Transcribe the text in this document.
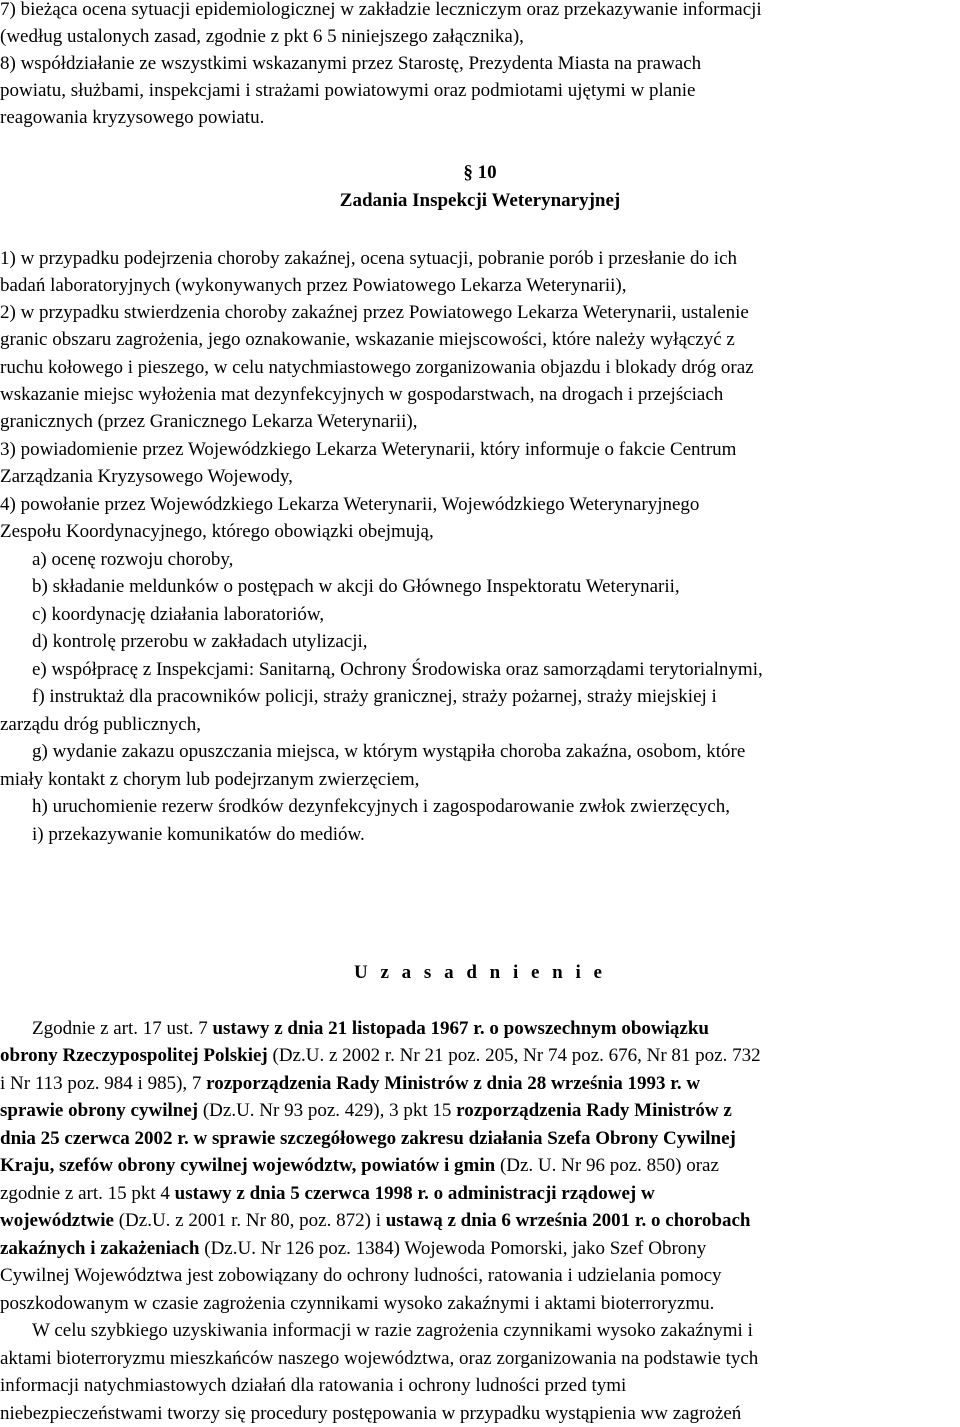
7) bieżąca ocena sytuacji epidemiologicznej w zakładzie leczniczym oraz przekazywanie informacji
(według ustalonych zasad, zgodnie z pkt 6 5 niniejszego załącznika),
8) współdziałanie ze wszystkimi wskazanymi przez Starostę, Prezydenta Miasta na prawach
powiatu, służbami, inspekcjami i strażami powiatowymi oraz podmiotami ujętymi w planie
reagowania kryzysowego powiatu.
§ 10
Zadania Inspekcji Weterynaryjnej
1) w przypadku podejrzenia choroby zakaźnej, ocena sytuacji, pobranie porób i przesłanie do ich
badań laboratoryjnych (wykonywanych przez Powiatowego Lekarza Weterynarii),
2) w przypadku stwierdzenia choroby zakaźnej przez Powiatowego Lekarza Weterynarii, ustalenie
granic obszaru zagrożenia, jego oznakowanie, wskazanie miejscowości, które należy wyłączyć z
ruchu kołowego i pieszego, w celu natychmiastowego zorganizowania objazdu i blokady dróg oraz
wskazanie miejsc wyłożenia mat dezynfekcyjnych w gospodarstwach, na drogach i przejściach
granicznych (przez Granicznego Lekarza Weterynarii),
3) powiadomienie przez Wojewódzkiego Lekarza Weterynarii, który informuje o fakcie Centrum
Zarządzania Kryzysowego Wojewody,
4) powołanie przez Wojewódzkiego Lekarza Weterynarii, Wojewódzkiego Weterynaryjnego
Zespołu Koordynacyjnego, którego obowiązki obejmują,
a) ocenę rozwoju choroby,
b) składanie meldunków o postępach w akcji do Głównego Inspektoratu Weterynarii,
c) koordynację działania laboratoriów,
d) kontrolę przerobu w zakładach utylizacji,
e) współpracę z Inspekcjami: Sanitarną, Ochrony Środowiska oraz samorządami terytorialnymi,
f) instruktaż dla pracowników policji, straży granicznej, straży pożarnej, straży miejskiej i
zarządu dróg publicznych,
g) wydanie zakazu opuszczania miejsca, w którym wystąpiła choroba zakaźna, osobom, które
miały kontakt z chorym lub podejrzanym zwierzęciem,
h) uruchomienie rezerw środków dezynfekcyjnych i zagospodarowanie zwłok zwierzęcych,
i) przekazywanie komunikatów do mediów.
U z a s a d n i e n i e
Zgodnie z art. 17 ust. 7 ustawy z dnia 21 listopada 1967 r. o powszechnym obowiązku
obrony Rzeczypospolitej Polskiej (Dz.U. z 2002 r. Nr 21 poz. 205, Nr 74 poz. 676, Nr 81 poz. 732
i Nr 113 poz. 984 i 985), 7 rozporządzenia Rady Ministrów z dnia 28 września 1993 r. w
sprawie obrony cywilnej (Dz.U. Nr 93 poz. 429), 3 pkt 15 rozporządzenia Rady Ministrów z
dnia 25 czerwca 2002 r. w sprawie szczegółowego zakresu działania Szefa Obrony Cywilnej
Kraju, szefów obrony cywilnej województw, powiatów i gmin (Dz. U. Nr 96 poz. 850) oraz
zgodnie z art. 15 pkt 4 ustawy z dnia 5 czerwca 1998 r. o administracji rządowej w
województwie (Dz.U. z 2001 r. Nr 80, poz. 872) i ustawą z dnia 6 września 2001 r. o chorobach
zakaźnych i zakażeniach (Dz.U. Nr 126 poz. 1384) Wojewoda Pomorski, jako Szef Obrony
Cywilnej Województwa jest zobowiązany do ochrony ludności, ratowania i udzielania pomocy
poszkodowanym w czasie zagrożenia czynnikami wysoko zakaźnymi i aktami bioterroryzmu.
W celu szybkiego uzyskiwania informacji w razie zagrożenia czynnikami wysoko zakaźnymi i
aktami bioterroryzmu mieszkańców naszego województwa, oraz zorganizowania na podstawie tych
informacji natychmiastowych działań dla ratowania i ochrony ludności przed tymi
niebezpieczeństwami tworzy się procedury postępowania w przypadku wystąpienia ww zagrożeń
